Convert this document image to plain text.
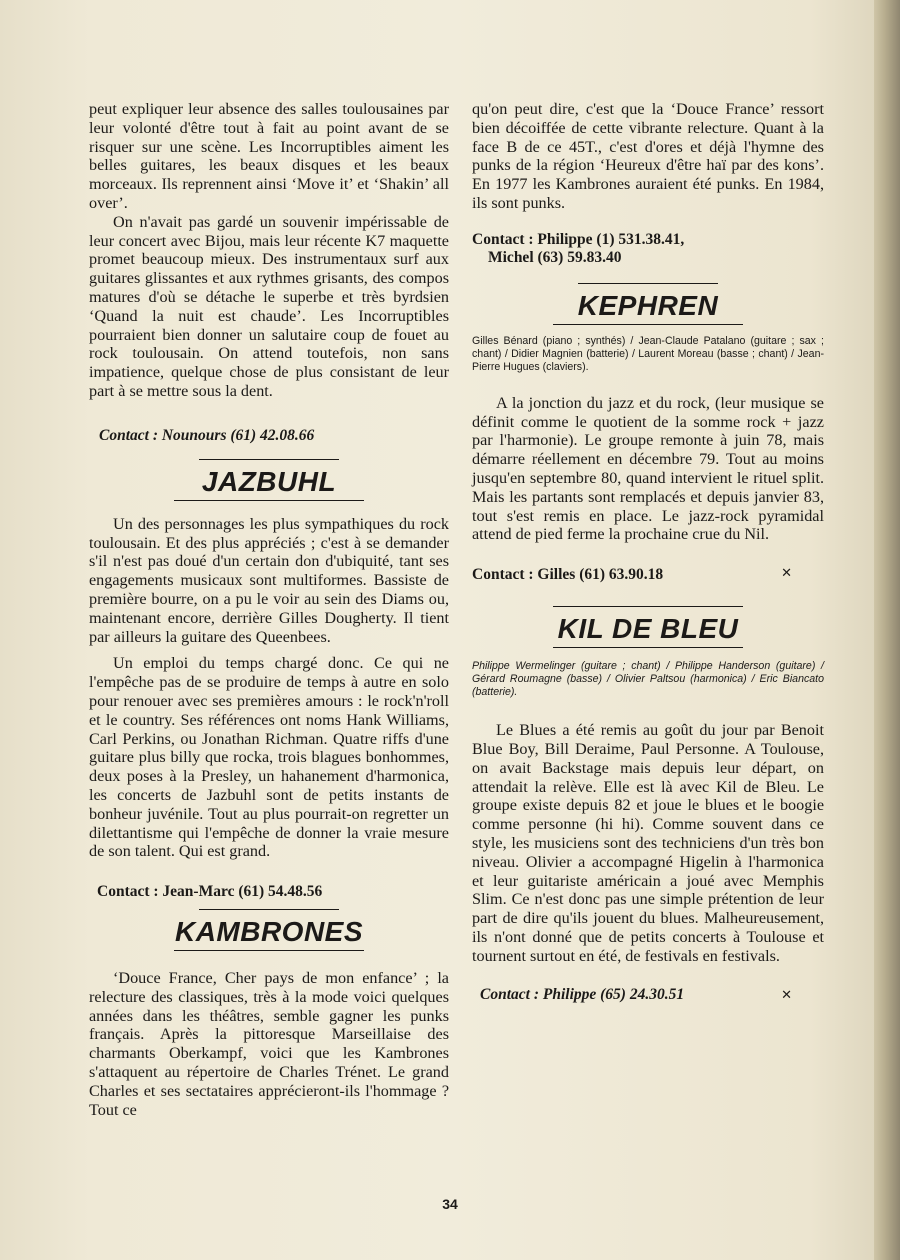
peut expliquer leur absence des salles toulousaines par leur volonté d'être tout à fait au point avant de se risquer sur une scène. Les Incorruptibles aiment les belles guitares, les beaux disques et les beaux morceaux. Ils reprennent ainsi ‘Move it’ et ‘Shakin’ all over’.

On n'avait pas gardé un souvenir impérissable de leur concert avec Bijou, mais leur récente K7 maquette promet beaucoup mieux. Des instrumentaux surf aux guitares glissantes et aux rythmes grisants, des compos matures d'où se détache le superbe et très byrdsien ‘Quand la nuit est chaude’. Les Incorruptibles pourraient bien donner un salutaire coup de fouet au rock toulousain. On attend toutefois, non sans impatience, quelque chose de plus consistant de leur part à se mettre sous la dent.

Contact : Nounours (61) 42.08.66

JAZBUHL

Un des personnages les plus sympathiques du rock toulousain. Et des plus appréciés ; c'est à se demander s'il n'est pas doué d'un certain don d'ubiquité, tant ses engagements musicaux sont multiformes. Bassiste de première bourre, on a pu le voir au sein des Diams ou, maintenant encore, derrière Gilles Dougherty. Il tient par ailleurs la guitare des Queenbees.

Un emploi du temps chargé donc. Ce qui ne l'empêche pas de se produire de temps à autre en solo pour renouer avec ses premières amours : le rock'n'roll et le country. Ses références ont noms Hank Williams, Carl Perkins, ou Jonathan Richman. Quatre riffs d'une guitare plus billy que rocka, trois blagues bonhommes, deux poses à la Presley, un hahanement d'harmonica, les concerts de Jazbuhl sont de petits instants de bonheur juvénile. Tout au plus pourrait-on regretter un dilettantisme qui l'empêche de donner la vraie mesure de son talent. Qui est grand.

Contact : Jean-Marc (61) 54.48.56

KAMBRONES

‘Douce France, Cher pays de mon enfance’ ; la relecture des classiques, très à la mode voici quelques années dans les théâtres, semble gagner les punks français. Après la pittoresque Marseillaise des charmants Oberkampf, voici que les Kambrones s'attaquent au répertoire de Charles Trénet. Le grand Charles et ses sectataires apprécieront-ils l'hommage ? Tout ce

qu'on peut dire, c'est que la ‘Douce France’ ressort bien décoiffée de cette vibrante relecture. Quant à la face B de ce 45T., c'est d'ores et déjà l'hymne des punks de la région ‘Heureux d'être haï par des kons’. En 1977 les Kambrones auraient été punks. En 1984, ils sont punks.

Contact : Philippe (1) 531.38.41,

Michel (63) 59.83.40

KEPHREN

Gilles Bénard (piano ; synthés) / Jean-Claude Patalano (guitare ; sax ; chant) / Didier Magnien (batterie) / Laurent Moreau (basse ; chant) / Jean-Pierre Hugues (claviers).

A la jonction du jazz et du rock, (leur musique se définit comme le quotient de la somme rock + jazz par l'harmonie). Le groupe remonte à juin 78, mais démarre réellement en décembre 79. Tout au moins jusqu'en septembre 80, quand intervient le rituel split. Mais les partants sont remplacés et depuis janvier 83, tout s'est remis en place. Le jazz-rock pyramidal attend de pied ferme la prochaine crue du Nil.

Contact : Gilles (61) 63.90.18	✕
KIL DE BLEU

Philippe Wermelinger (guitare ; chant) / Philippe Handerson (guitare) / Gérard Roumagne (basse) / Olivier Paltsou (harmonica) / Eric Biancato (batterie).

Le Blues a été remis au goût du jour par Benoit Blue Boy, Bill Deraime, Paul Personne. A Toulouse, on avait Backstage mais depuis leur départ, on attendait la relève. Elle est là avec Kil de Bleu. Le groupe existe depuis 82 et joue le blues et le boogie comme personne (hi hi). Comme souvent dans ce style, les musiciens sont des techniciens d'un très bon niveau. Olivier a accompagné Higelin à l'harmonica et leur guitariste américain a joué avec Memphis Slim. Ce n'est donc pas une simple prétention de leur part de dire qu'ils jouent du blues. Malheureusement, ils n'ont donné que de petits concerts à Toulouse et tournent surtout en été, de festivals en festivals.

Contact : Philippe (65) 24.30.51	✕
34
